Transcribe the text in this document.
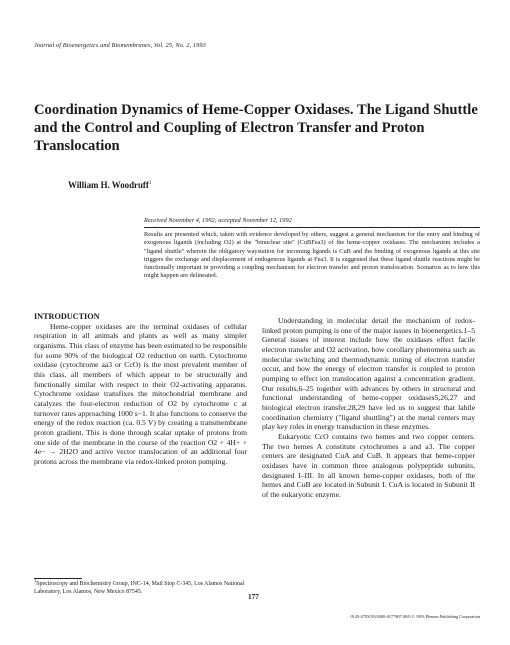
Journal of Bioenergetics and Biomembranes, Vol. 25, No. 2, 1993
Coordination Dynamics of Heme-Copper Oxidases. The Ligand Shuttle and the Control and Coupling of Electron Transfer and Proton Translocation
William H. Woodruff$^1$
Received November 4, 1992; accepted November 12, 1992

Results are presented which, taken with evidence developed by others, suggest a general mechanism for the entry and binding of exogenous ligands (including O2) at the "binuclear site" (CuBFea3) of the heme-copper oxidases. The mechanism includes a "ligand shuttle" wherein the obligatory waystation for incoming ligands is CuB and the binding of exogenous ligands at this site triggers the exchange and displacement of endogenous ligands at Fea3. It is suggested that these ligand shuttle reactions might be functionally important in providing a coupling mechanism for electron transfer and proton translocation. Scenarios as to how this might happen are delineated.

INTRODUCTION

Heme-copper oxidases are the terminal oxidases of cellular respiration in all animals and plants as well as many simpler organisms. This class of enzyme has been estimated to be responsible for some 90% of the biological O2 reduction on earth. Cytochrome oxidase (cytochrome aa3 or CcO) is the most prevalent member of this class, all members of which appear to be structurally and functionally similar with respect to their O2-activating apparatus. Cytochrome oxidase transfixes the mitochondrial membrane and catalyzes the four-electron reduction of O2 by cytochrome c at turnover rates approaching 1000 s−1. It also functions to conserve the energy of the redox reaction (ca. 0.5 V) by creating a transmembrane proton gradient. This is done through scalar uptake of protons from one side of the membrane in the course of the reaction O2 + 4H+ + 4e− → 2H2O and active vector translocation of an additional four protons across the membrane via redox-linked proton pumping.

Understanding in molecular detail the mechanism of redox-linked proton pumping is one of the major issues in bioenergetics.1–5 General issues of interest include how the oxidases effect facile electron transfer and O2 activation, how corollary phenomena such as molecular switching and thermodynamic tuning of electron transfer occur, and how the energy of electron transfer is coupled to proton pumping to effect ion translocation against a concentration gradient. Our results,6–25 together with advances by others in structural and functional understanding of heme-copper oxidases5,26,27 and biological electron transfer,28,29 have led us to suggest that labile coordination chemistry ("ligand shuttling") at the metal centers may play key roles in energy transduction in these enzymes.

Eukaryotic CcO contains two hemes and two copper centers. The two hemes A constitute cytochromes a and a3. The copper centers are designated CuA and CuB. It appears that heme-copper oxidases have in common three analogous polypeptide subunits, designated I–III. In all known heme-copper oxidases, both of the hemes and CuB are located in Subunit I. CuA is located in Subunit II of the eukaryotic enzyme.

$^1$Spectroscopy and Biochemistry Group, INC-14, Mail Stop C-345, Los Alamos National Laboratory, Los Alamos, New Mexico 87545.

177
0145-479X/93/0400-0177$07.00/0 © 1993 Plenum Publishing Corporation
